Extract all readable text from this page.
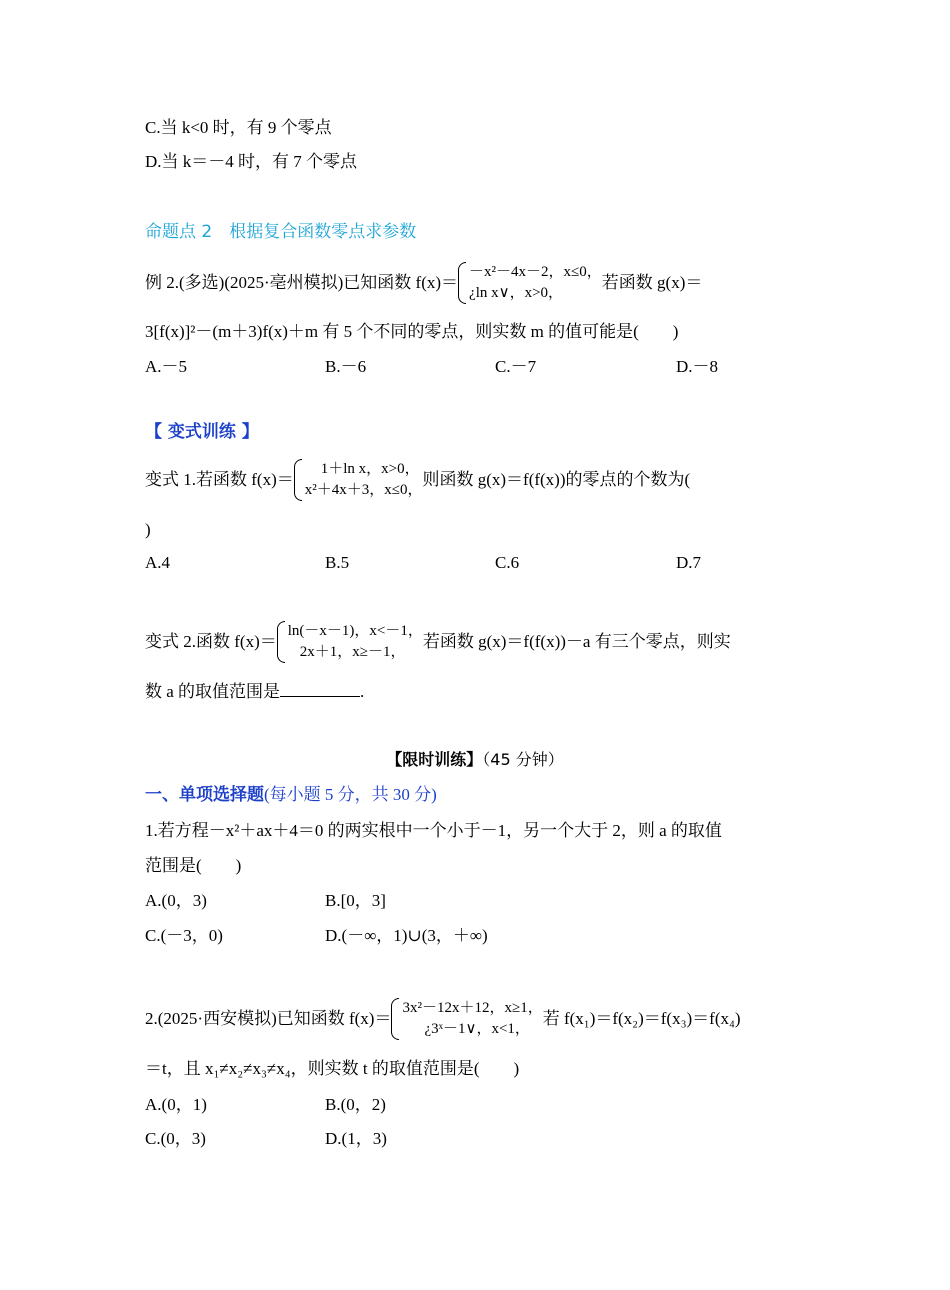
C.当 k<0 时，有 9 个零点
D.当 k＝－4 时，有 7 个零点
命题点 2　根据复合函数零点求参数
例 2.(多选)(2025·亳州模拟)已知函数 f(x)＝
－x²－4x－2，x≤0，
¿ln x∨，x>0，
若函数 g(x)＝
3[f(x)]²－(m＋3)f(x)＋m 有 5 个不同的零点，则实数 m 的值可能是(　　)
A.－5	B.－6	C.－7	D.－8
【 变式训练 】
变式 1.若函数 f(x)＝
1＋ln x，x>0，
x²＋4x＋3，x≤0，
则函数 g(x)＝f(f(x))的零点的个数为(
)
A.4	B.5	C.6	D.7
变式 2.函数 f(x)＝
ln(－x－1)，x<－1，
2x＋1，x≥－1，
若函数 g(x)＝f(f(x))－a 有三个零点，则实
数 a 的取值范围是	.
【限时训练】（45 分钟）
一、单项选择题(每小题 5 分，共 30 分)
1.若方程－x²＋ax＋4＝0 的两实根中一个小于－1，另一个大于 2，则 a 的取值
范围是(　　)
A.(0，3)	B.[0，3]
C.(－3，0)	D.(－∞，1)∪(3，＋∞)
2.(2025·西安模拟)已知函数 f(x)＝
3x²－12x＋12，x≥1，
¿3ˣ－1∨，x<1，
若 f(x₁)＝f(x₂)＝f(x₃)＝f(x₄)
＝t，且 x₁≠x₂≠x₃≠x₄，则实数 t 的取值范围是(　　)
A.(0，1)	B.(0，2)
C.(0，3)	D.(1，3)
